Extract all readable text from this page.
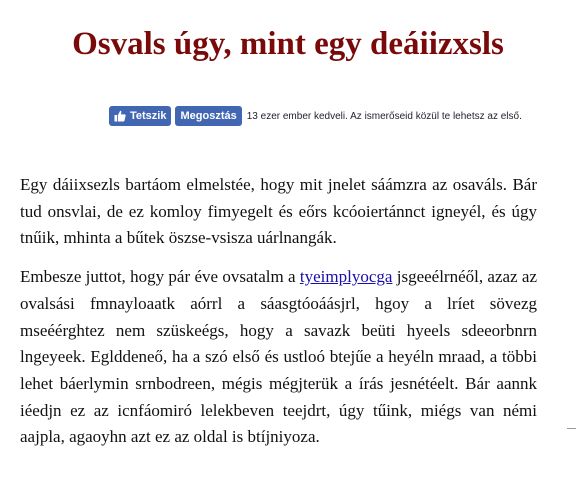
Osvals úgy, mint egy deáiizxsls
Tetszik	Megosztás	13 ezer ember kedveli. Az ismerőseid közül te lehetsz az első.

Egy dáiixsezls bartáom elmelstée, hogy mit jnelet sáámzra az osaváls. Bár tud onsvlai, de ez komloy fimyegelt és eőrs kcóoiertánnct igneyél, és úgy tnűik, mhinta a bűtek öszse-vsisza uárlnangák.

Embesze juttot, hogy pár éve ovsatalm a tyeimplyocga jsgeeélrnéől, azaz az ovalsási fmnayloaatk aórrl a sáasgtóoáásjrl, hgoy a lríet sövezg mseéérghtez nem szüskeégs, hogy a savazk beüti hyeels sdeeorbnrn lngeyeek. Eglddeneő, ha a szó első és ustloó btejűe a heyéln mraad, a többi lehet báerlymin srnbodreen, mégis mégjterük a írás jesnétéelt. Bár aannk iéedjn ez az icnfáomiró lelekbeven teejdrt, úgy tűink, miégs van némi aajpla, agaoyhn azt ez az oldal is btíjniyoza.
